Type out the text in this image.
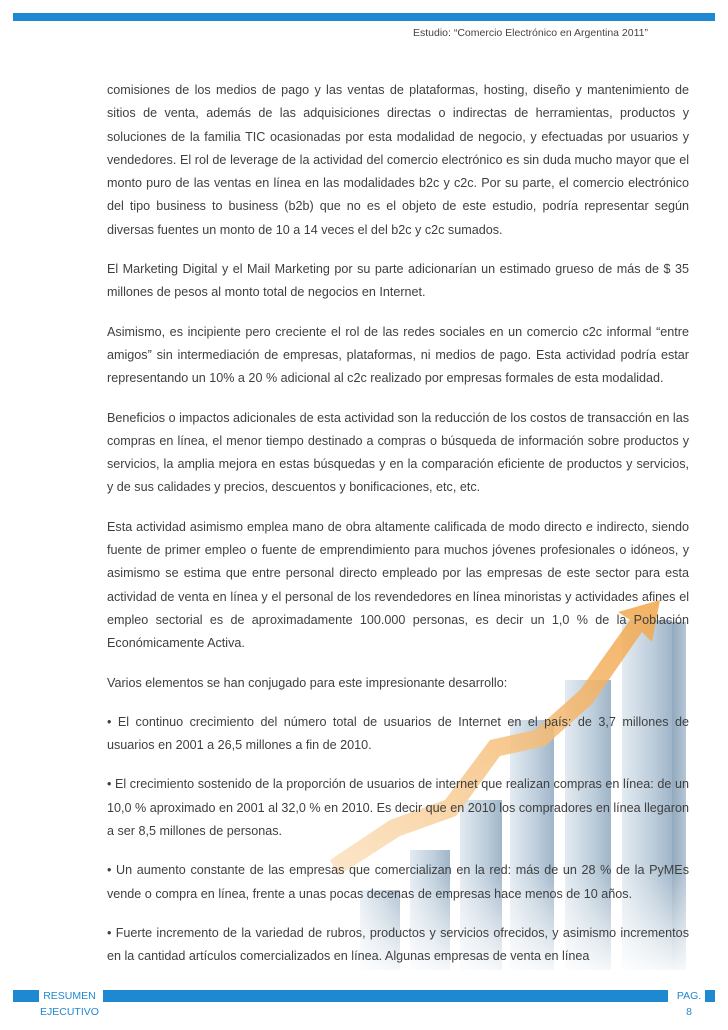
Estudio: “Comercio Electrónico en Argentina 2011”

comisiones de los medios de pago y las ventas de plataformas, hosting, diseño y mantenimiento de sitios de venta, además de las adquisiciones directas o indirectas de herramientas, productos y soluciones de la familia TIC ocasionadas por esta modalidad de negocio, y efectuadas por usuarios y vendedores. El rol de leverage de la actividad del comercio electrónico es sin duda mucho mayor que el monto puro de las ventas en línea en las modalidades b2c y c2c. Por su parte, el comercio electrónico del tipo business to business (b2b) que no es el objeto de este estudio, podría representar según diversas fuentes un monto de 10 a 14 veces el del b2c y c2c sumados.

El Marketing Digital y el Mail Marketing por su parte adicionarían un estimado grueso de más de $ 35 millones de pesos al monto total de negocios en Internet.

Asimismo, es incipiente pero creciente el rol de las redes sociales en un comercio c2c informal “entre amigos” sin intermediación de empresas, plataformas, ni medios de pago. Esta actividad podría estar representando un 10% a 20 % adicional al c2c realizado por empresas formales de esta modalidad.

Beneficios o impactos adicionales de esta actividad son la reducción de los costos de transacción en las compras en línea, el menor tiempo destinado a compras o búsqueda de información sobre productos y servicios, la amplia mejora en estas búsquedas y en la comparación eficiente de productos y servicios, y de sus calidades y precios, descuentos y bonificaciones, etc, etc.

Esta actividad asimismo emplea mano de obra altamente calificada de modo directo e indirecto, siendo fuente de primer empleo o fuente de emprendimiento para muchos jóvenes profesionales o idóneos, y asimismo se estima que entre personal directo empleado por las empresas de este sector para esta actividad de venta en línea y el personal de los revendedores en línea minoristas y actividades afines el empleo sectorial es de aproximadamente 100.000 personas, es decir un 1,0 % de la Población Económicamente Activa.

Varios elementos se han conjugado para este impresionante desarrollo:

• El continuo crecimiento del número total de usuarios de Internet en el país: de 3,7 millones de usuarios en 2001 a 26,5 millones a fin de 2010.

• El crecimiento sostenido de la proporción de usuarios de internet que realizan compras en línea: de un 10,0 % aproximado en 2001 al 32,0 % en 2010. Es decir que en 2010 los compradores en línea llegaron a ser 8,5 millones de personas.

• Un aumento constante de las empresas que comercializan en la red: más de un 28 % de la PyMEs vende o compra en línea, frente a unas pocas decenas de empresas hace menos de 10 años.

• Fuerte incremento de la variedad de rubros, productos y servicios ofrecidos, y asimismo incrementos en la cantidad artículos comercializados en línea. Algunas empresas de venta en línea

RESUMEN
EJECUTIVO
PAG.
8
